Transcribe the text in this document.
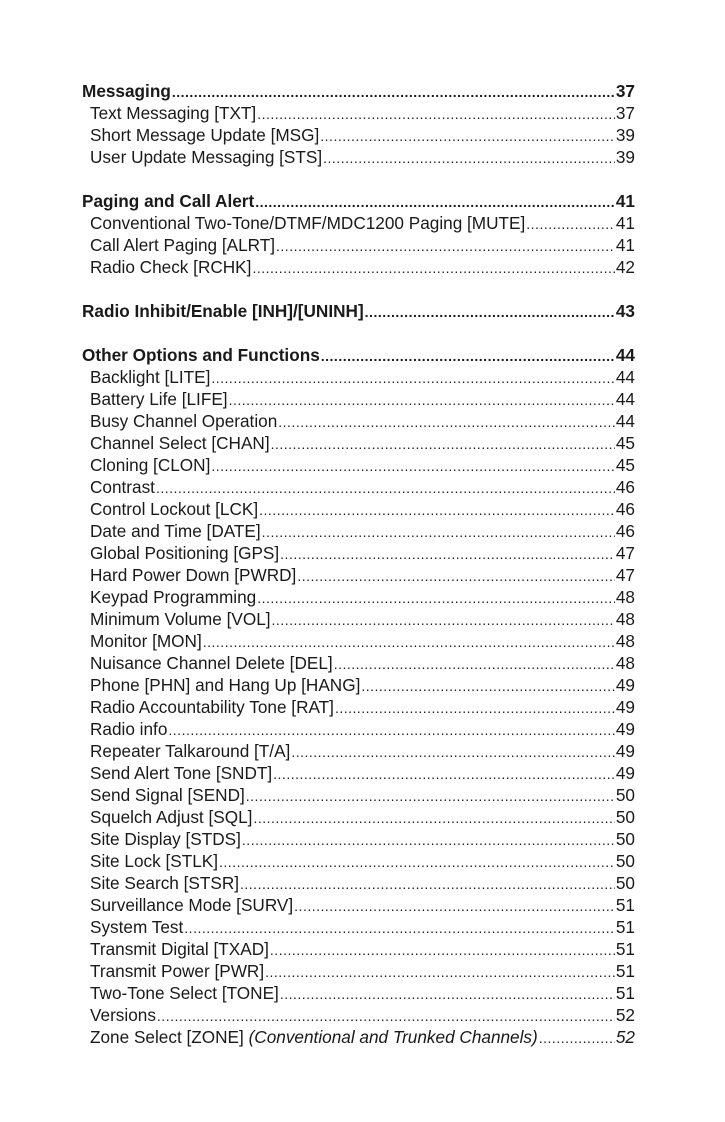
Messaging .....	37
Text Messaging [TXT] .....	37
Short Message Update [MSG] .....	39
User Update Messaging [STS] .....	39
Paging and Call Alert .....	41
Conventional Two-Tone/DTMF/MDC1200 Paging [MUTE] .....	41
Call Alert Paging [ALRT] .....	41
Radio Check [RCHK] .....	42
Radio Inhibit/Enable [INH]/[UNINH] .....	43
Other Options and Functions .....	44
Backlight [LITE] .....	44
Battery Life [LIFE] .....	44
Busy Channel Operation .....	44
Channel Select [CHAN] .....	45
Cloning [CLON] .....	45
Contrast .....	46
Control Lockout [LCK] .....	46
Date and Time [DATE] .....	46
Global Positioning [GPS] .....	47
Hard Power Down [PWRD] .....	47
Keypad Programming .....	48
Minimum Volume [VOL] .....	48
Monitor [MON] .....	48
Nuisance Channel Delete [DEL] .....	48
Phone [PHN] and Hang Up [HANG] .....	49
Radio Accountability Tone [RAT] .....	49
Radio info .....	49
Repeater Talkaround [T/A] .....	49
Send Alert Tone [SNDT] .....	49
Send Signal [SEND] .....	50
Squelch Adjust [SQL] .....	50
Site Display [STDS] .....	50
Site Lock [STLK] .....	50
Site Search [STSR] .....	50
Surveillance Mode [SURV] .....	51
System Test .....	51
Transmit Digital [TXAD] .....	51
Transmit Power [PWR] .....	51
Two-Tone Select [TONE] .....	51
Versions .....	52
Zone Select [ZONE] (Conventional and Trunked Channels) .....	52
